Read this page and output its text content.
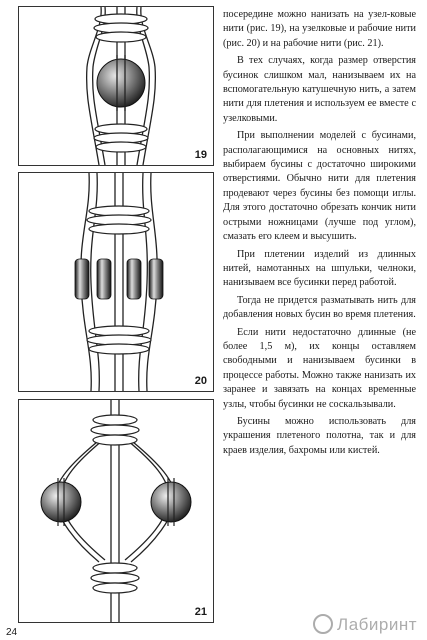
19
20
21

посередине можно нанизать на узел-ковые нити (рис. 19), на узелковые и рабочие нити (рис. 20) и на рабочие нити (рис. 21).

В тех случаях, когда размер отверстия бусинок слишком мал, нанизываем их на вспомогательную катушечную нить, а затем нити для плетения и используем ее вместе с узелковыми.

При выполнении моделей с бусинами, располагающимися на основных нитях, выбираем бусины с достаточно широкими отверстиями. Обычно нити для плетения продевают через бусины без помощи иглы. Для этого достаточно обрезать кончик нити острыми ножницами (лучше под углом), смазать его клеем и высушить.

При плетении изделий из длинных нитей, намотанных на шпульки, челноки, нанизываем все бусинки перед работой.

Тогда не придется разматывать нить для добавления новых бусин во время плетения.

Если нити недостаточно длинные (не более 1,5 м), их концы оставляем свободными и нанизываем бусинки в процессе работы. Можно также нанизать их заранее и завязать на концах временные узлы, чтобы бусинки не соскальзывали.

Бусины можно использовать для украшения плетеного полотна, так и для краев изделия, бахромы или кистей.

24	Лабиринт
